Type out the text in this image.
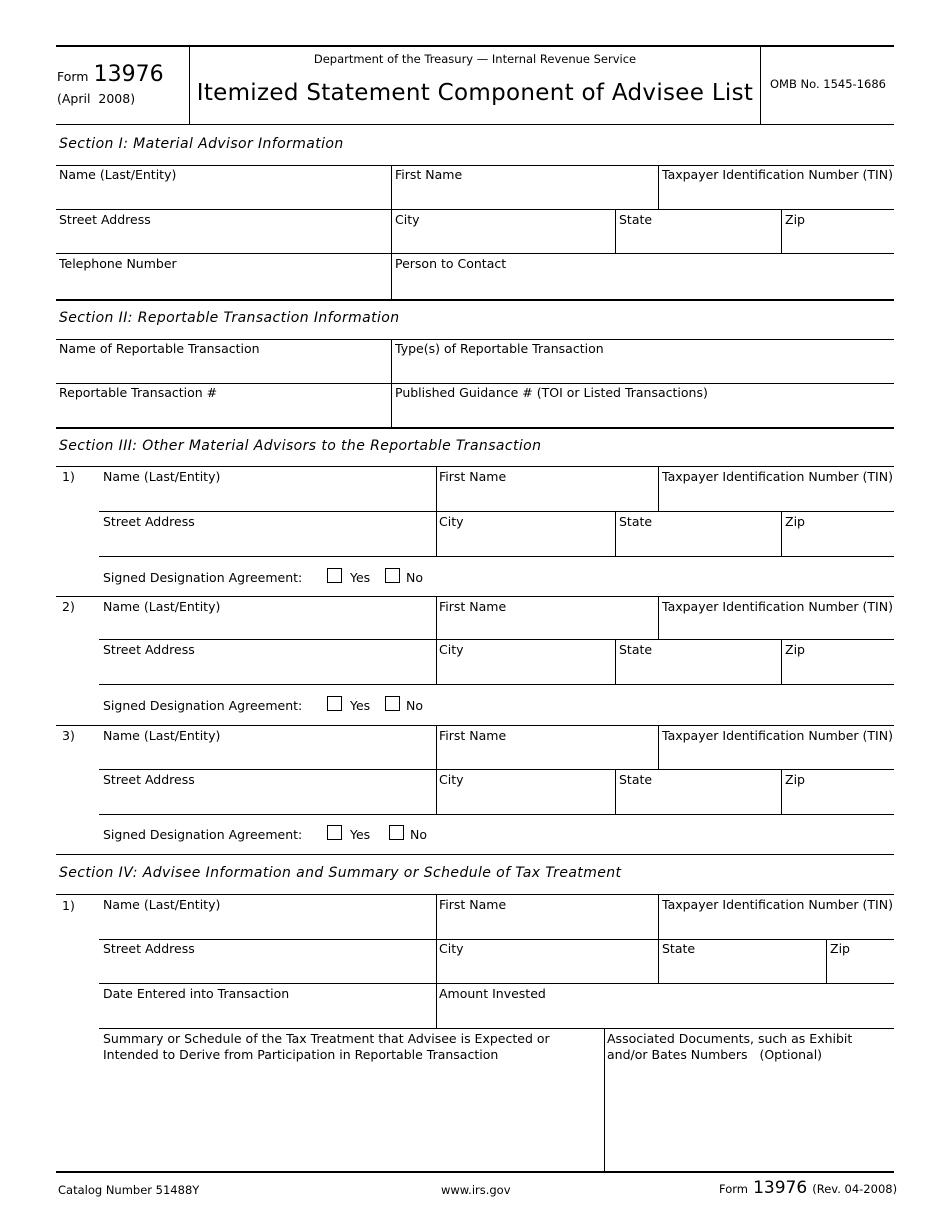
Form 13976
(April  2008)
Department of the Treasury — Internal Revenue Service
Itemized Statement Component of Advisee List	OMB No. 1545-1686
Section I: Material Advisor Information
Name (Last/Entity)	First Name	Taxpayer Identification Number (TIN)
Street Address	City	State	Zip
Telephone Number	Person to Contact
Section II: Reportable Transaction Information
Name of Reportable Transaction	Type(s) of Reportable Transaction
Reportable Transaction #	Published Guidance # (TOI or Listed Transactions)
Section III: Other Material Advisors to the Reportable Transaction
1) Name (Last/Entity)	First Name	Taxpayer Identification Number (TIN)
Street Address	City	State	Zip
Signed Designation Agreement:	Yes	No
2) Name (Last/Entity)	First Name	Taxpayer Identification Number (TIN)
Street Address	City	State	Zip
Signed Designation Agreement:	Yes	No
3) Name (Last/Entity)	First Name	Taxpayer Identification Number (TIN)
Street Address	City	State	Zip
Signed Designation Agreement:	Yes	No
Section IV: Advisee Information and Summary or Schedule of Tax Treatment
1) Name (Last/Entity)	First Name	Taxpayer Identification Number (TIN)
Street Address	City	State	Zip
Date Entered into Transaction	Amount Invested
Summary or Schedule of the Tax Treatment that Advisee is Expected or
Intended to Derive from Participation in Reportable Transaction
Associated Documents, such as Exhibit
and/or Bates Numbers   (Optional)
Catalog Number 51488Y	www.irs.gov	Form 13976 (Rev. 04-2008)
